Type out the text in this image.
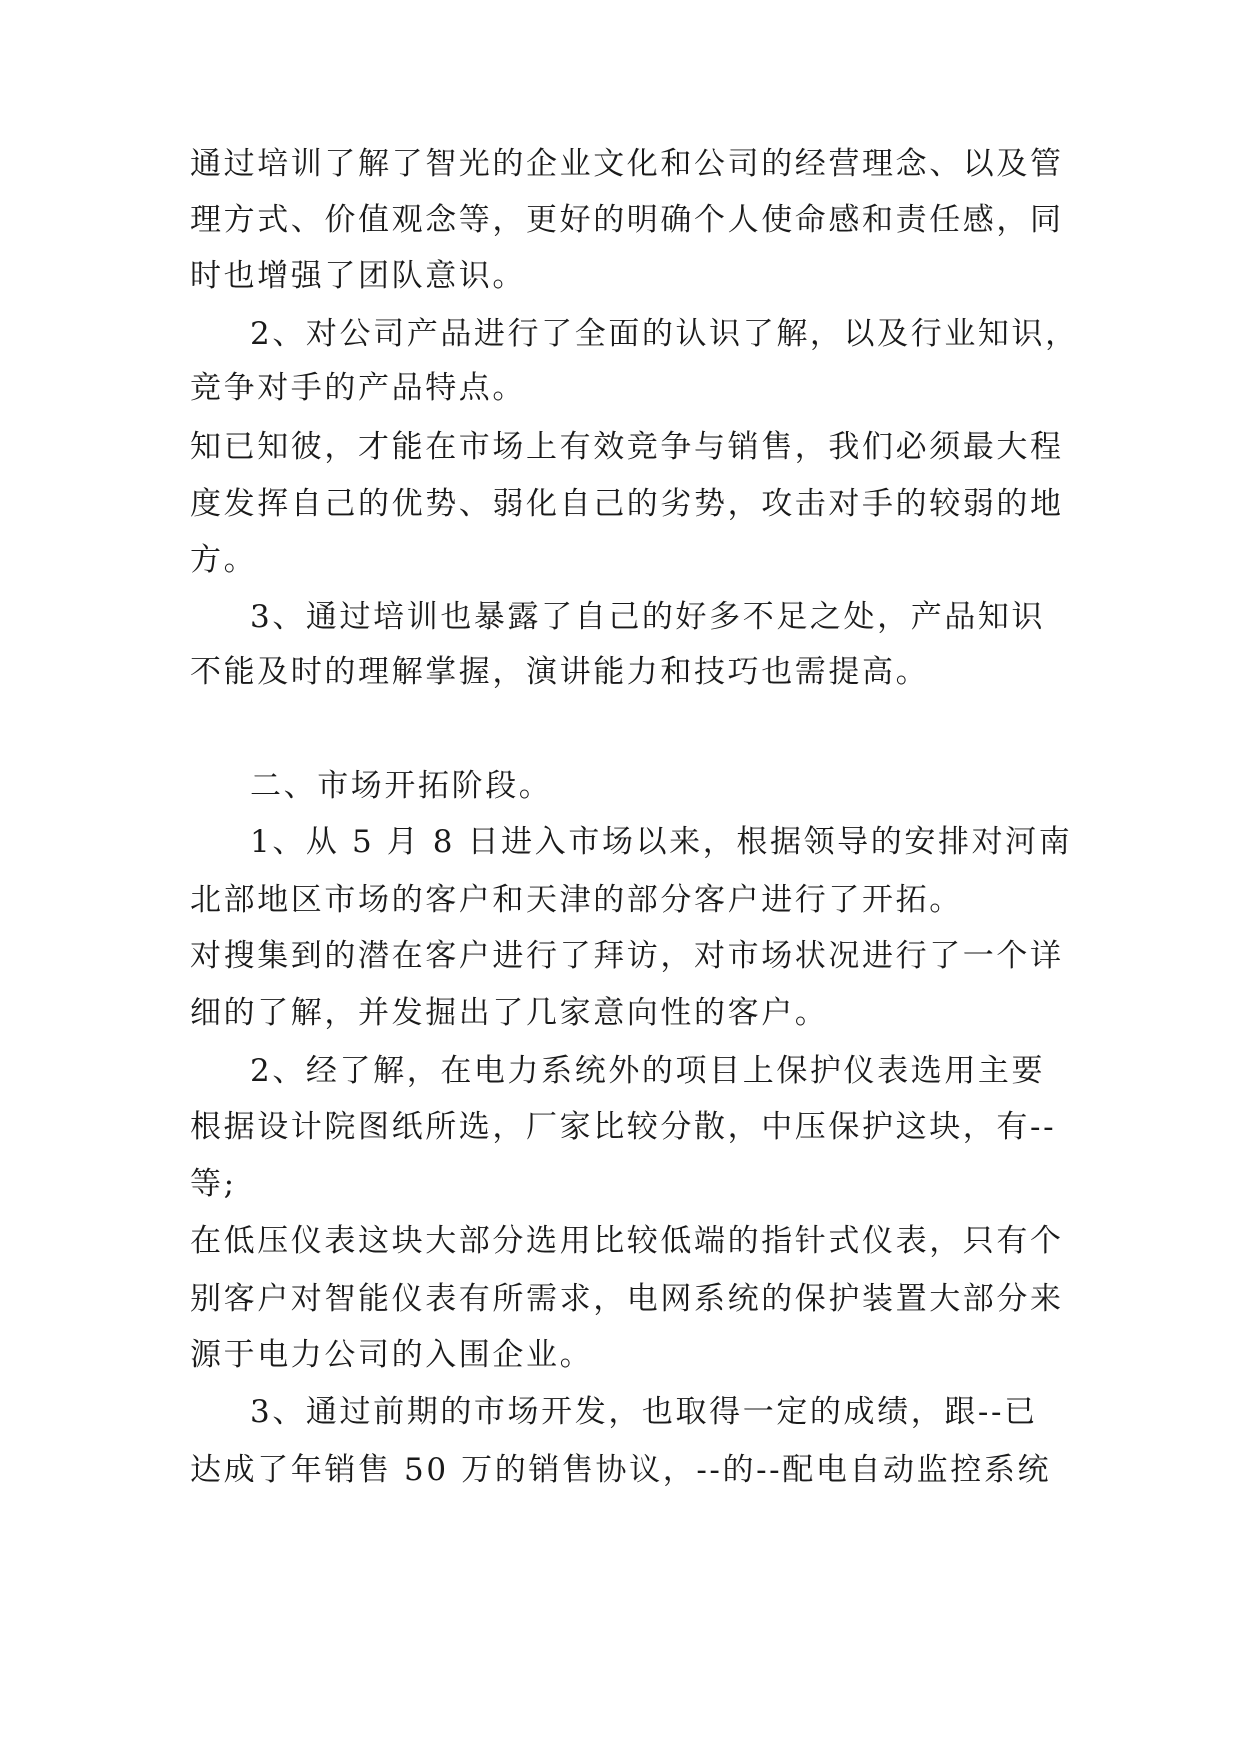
通过培训了解了智光的企业文化和公司的经营理念、以及管
理方式、价值观念等，更好的明确个人使命感和责任感，同
时也增强了团队意识。
2、对公司产品进行了全面的认识了解，以及行业知识，
竞争对手的产品特点。
知已知彼，才能在市场上有效竞争与销售，我们必须最大程
度发挥自己的优势、弱化自己的劣势，攻击对手的较弱的地
方。
3、通过培训也暴露了自己的好多不足之处，产品知识
不能及时的理解掌握，演讲能力和技巧也需提高。
二、市场开拓阶段。
1、从 5 月 8 日进入市场以来，根据领导的安排对河南
北部地区市场的客户和天津的部分客户进行了开拓。
对搜集到的潜在客户进行了拜访，对市场状况进行了一个详
细的了解，并发掘出了几家意向性的客户。
2、经了解，在电力系统外的项目上保护仪表选用主要
根据设计院图纸所选，厂家比较分散，中压保护这块，有--
等;
在低压仪表这块大部分选用比较低端的指针式仪表，只有个
别客户对智能仪表有所需求，电网系统的保护装置大部分来
源于电力公司的入围企业。
3、通过前期的市场开发，也取得一定的成绩，跟--已
达成了年销售 50 万的销售协议，--的--配电自动监控系统
